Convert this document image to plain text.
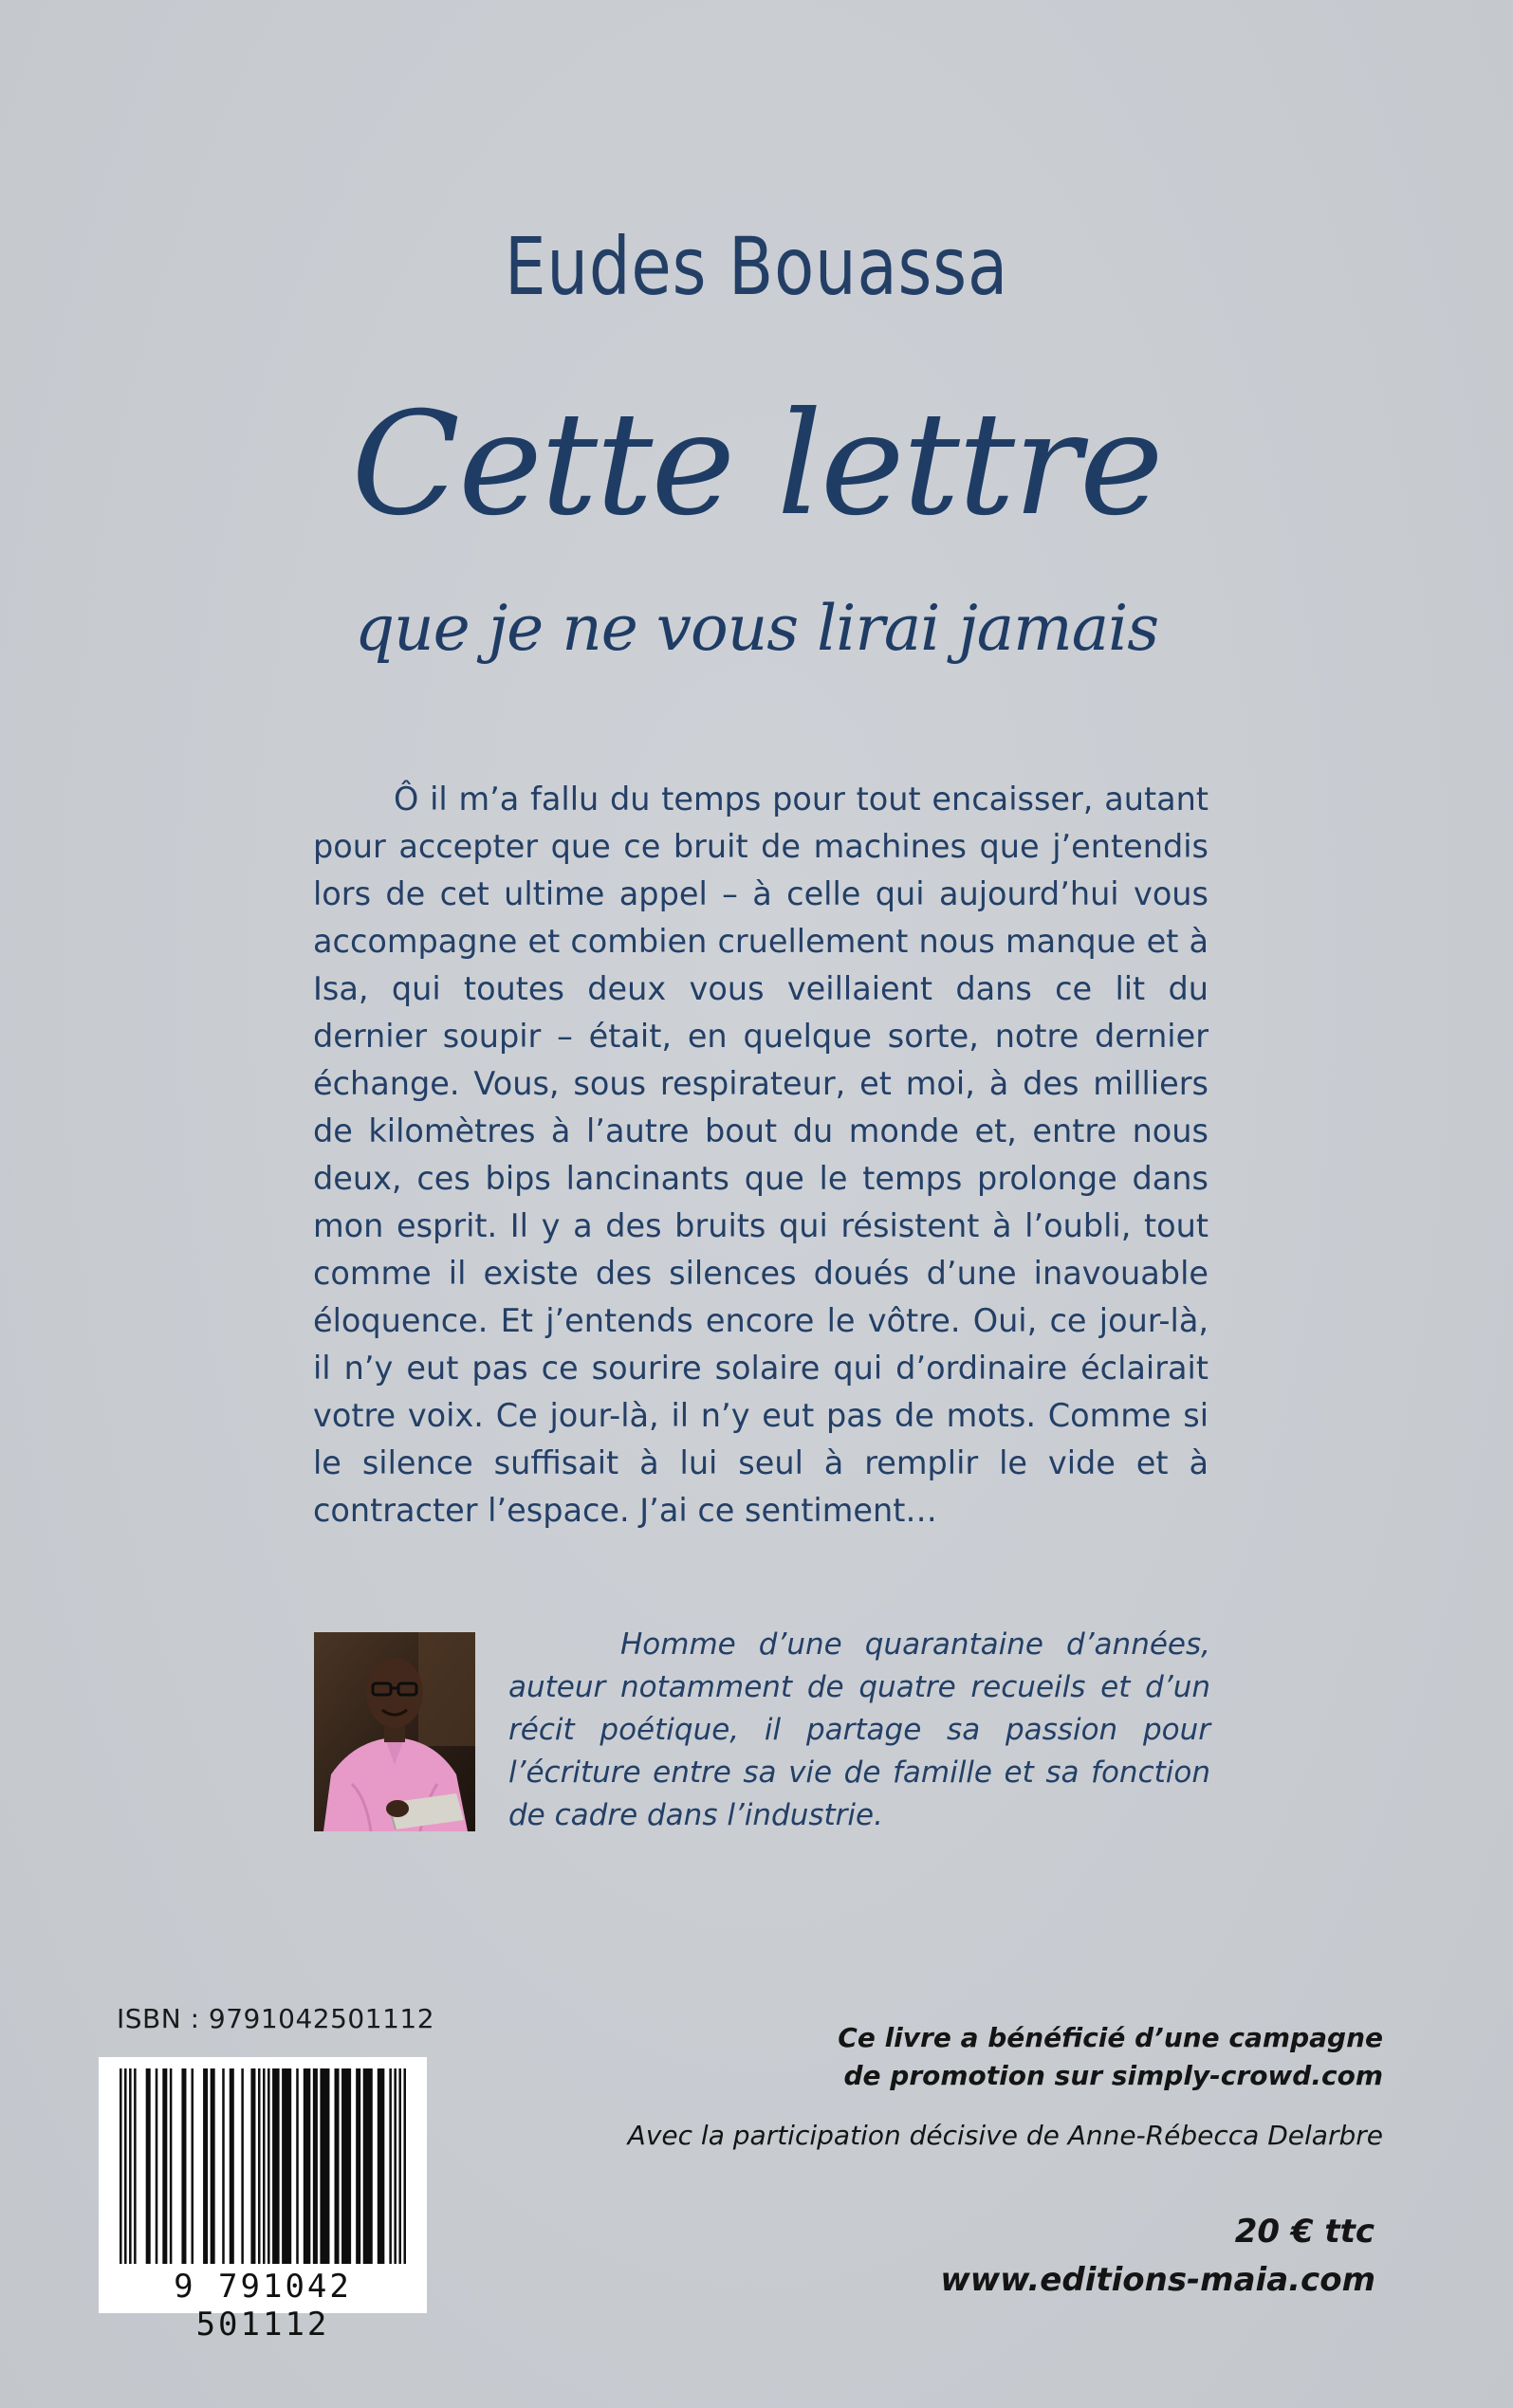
Eudes Bouassa
Cette lettre
que je ne vous lirai jamais

Ô il m’a fallu du temps pour tout encaisser, autant pour accepter que ce bruit de machines que j’entendis lors de cet ultime appel – à celle qui aujourd’hui vous accompagne et combien cruellement nous manque et à Isa, qui toutes deux vous veillaient dans ce lit du dernier soupir – était, en quelque sorte, notre dernier échange. Vous, sous respirateur, et moi, à des milliers de kilomètres à l’autre bout du monde et, entre nous deux, ces bips lancinants que le temps prolonge dans mon esprit. Il y a des bruits qui résistent à l’oubli, tout comme il existe des silences doués d’une inavouable éloquence. Et j’entends encore le vôtre. Oui, ce jour-là, il n’y eut pas ce sourire solaire qui d’ordinaire éclairait votre voix. Ce jour-là, il n’y eut pas de mots. Comme si le silence suffisait à lui seul à remplir le vide et à contracter l’espace. J’ai ce sentiment…

Homme d’une quarantaine d’années, auteur notamment de quatre recueils et d’un récit poétique, il partage sa passion pour l’écriture entre sa vie de famille et sa fonction de cadre dans l’industrie.

ISBN : 9791042501112
9 791042 501112
Ce livre a bénéficié d’une campagne
de promotion sur simply-crowd.com
Avec la participation décisive de Anne-Rébecca Delarbre
20 € ttc
www.editions-maia.com
